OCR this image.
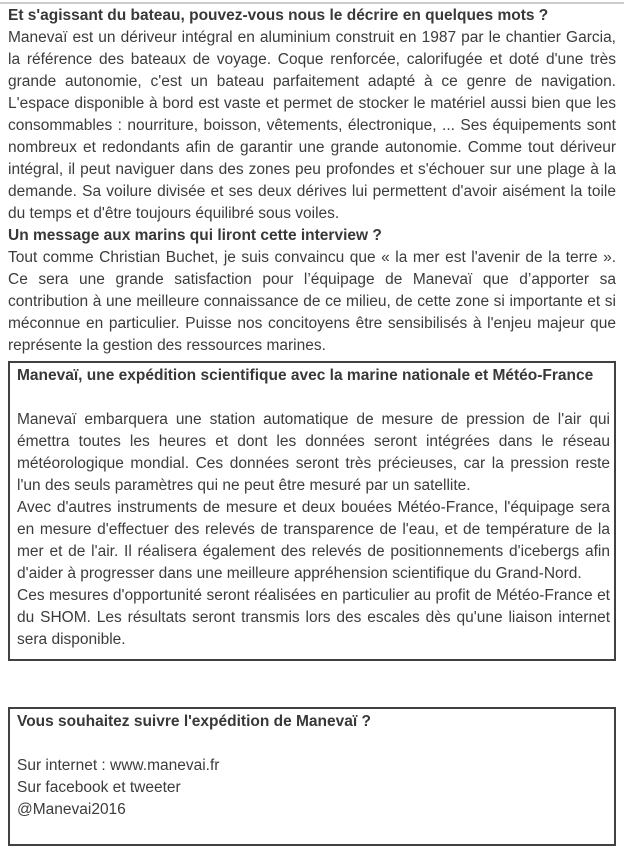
Et s'agissant du bateau, pouvez-vous nous le décrire en quelques mots ?

Manevaï est un dériveur intégral en aluminium construit en 1987 par le chantier Garcia, la référence des bateaux de voyage. Coque renforcée, calorifugée et doté d'une très grande autonomie, c'est un bateau parfaitement adapté à ce genre de navigation. L'espace disponible à bord est vaste et permet de stocker le matériel aussi bien que les consommables : nourriture, boisson, vêtements, électronique, ... Ses équipements sont nombreux et redondants afin de garantir une grande autonomie. Comme tout dériveur intégral, il peut naviguer dans des zones peu profondes et s'échouer sur une plage à la demande. Sa voilure divisée et ses deux dérives lui permettent d'avoir aisément la toile du temps et d'être toujours équilibré sous voiles.

Un message aux marins qui liront cette interview ?

Tout comme Christian Buchet, je suis convaincu que « la mer est l'avenir de la terre ». Ce sera une grande satisfaction pour l’équipage de Manevaï que d’apporter sa contribution à une meilleure connaissance de ce milieu, de cette zone si importante et si méconnue en particulier. Puisse nos concitoyens être sensibilisés à l'enjeu majeur que représente la gestion des ressources marines.

Manevaï, une expédition scientifique avec la marine nationale et Météo-France

Manevaï embarquera une station automatique de mesure de pression de l'air qui émettra toutes les heures et dont les données seront intégrées dans le réseau météorologique mondial. Ces données seront très précieuses, car la pression reste l'un des seuls paramètres qui ne peut être mesuré par un satellite.

Avec d'autres instruments de mesure et deux bouées Météo-France, l'équipage sera en mesure d'effectuer des relevés de transparence de l'eau, et de température de la mer et de l'air. Il réalisera également des relevés de positionnements d'icebergs afin d'aider à progresser dans une meilleure appréhension scientifique du Grand-Nord.

Ces mesures d'opportunité seront réalisées en particulier au profit de Météo-France et du SHOM. Les résultats seront transmis lors des escales dès qu'une liaison internet sera disponible.

Vous souhaitez suivre l'expédition de Manevaï ?

Sur internet : www.manevai.fr

Sur facebook et tweeter

@Manevai2016
